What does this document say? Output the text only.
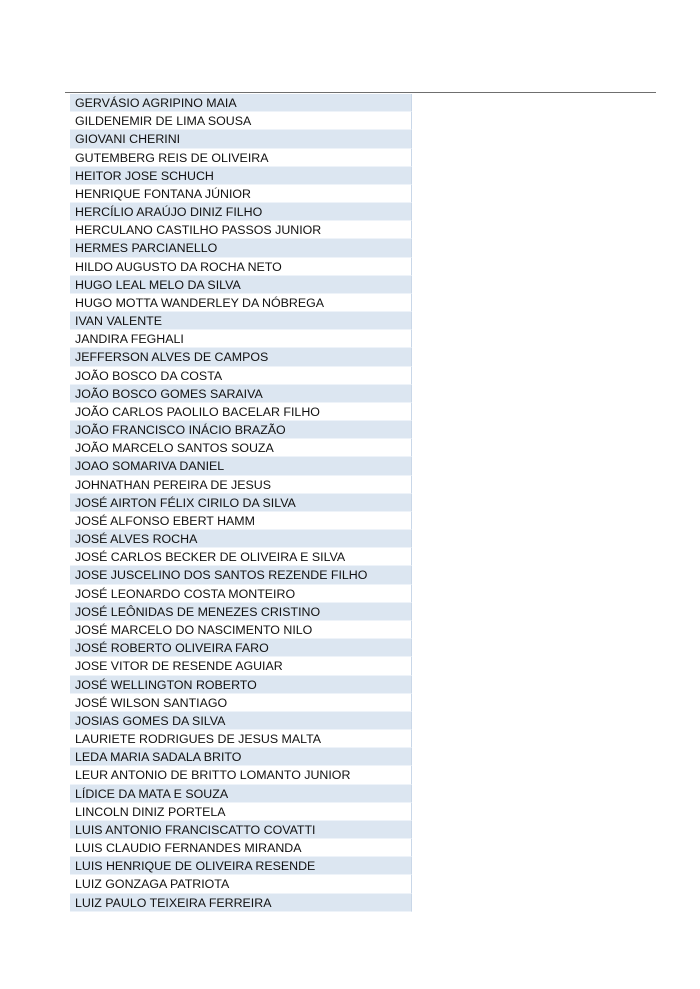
GERVÁSIO AGRIPINO MAIA
GILDENEMIR DE LIMA SOUSA
GIOVANI CHERINI
GUTEMBERG REIS DE OLIVEIRA
HEITOR JOSE SCHUCH
HENRIQUE FONTANA JÚNIOR
HERCÍLIO ARAÚJO DINIZ FILHO
HERCULANO CASTILHO PASSOS JUNIOR
HERMES PARCIANELLO
HILDO AUGUSTO DA ROCHA NETO
HUGO LEAL MELO DA SILVA
HUGO MOTTA WANDERLEY DA NÓBREGA
IVAN VALENTE
JANDIRA FEGHALI
JEFFERSON ALVES DE CAMPOS
JOÃO BOSCO DA COSTA
JOÃO BOSCO GOMES SARAIVA
JOÃO CARLOS PAOLILO BACELAR FILHO
JOÃO FRANCISCO INÁCIO BRAZÃO
JOÃO MARCELO SANTOS SOUZA
JOAO SOMARIVA DANIEL
JOHNATHAN PEREIRA DE JESUS
JOSÉ AIRTON FÉLIX CIRILO DA SILVA
JOSÉ ALFONSO EBERT HAMM
JOSÉ ALVES ROCHA
JOSÉ CARLOS BECKER DE OLIVEIRA E SILVA
JOSE JUSCELINO DOS SANTOS REZENDE FILHO
JOSÉ LEONARDO COSTA MONTEIRO
JOSÉ LEÔNIDAS DE MENEZES CRISTINO
JOSÉ MARCELO DO NASCIMENTO NILO
JOSÉ ROBERTO OLIVEIRA FARO
JOSE VITOR DE RESENDE AGUIAR
JOSÉ WELLINGTON ROBERTO
JOSÉ WILSON SANTIAGO
JOSIAS GOMES DA SILVA
LAURIETE RODRIGUES DE JESUS MALTA
LEDA MARIA SADALA BRITO
LEUR ANTONIO DE BRITTO LOMANTO JUNIOR
LÍDICE DA MATA E SOUZA
LINCOLN DINIZ PORTELA
LUIS ANTONIO FRANCISCATTO COVATTI
LUIS CLAUDIO FERNANDES MIRANDA
LUIS HENRIQUE DE OLIVEIRA RESENDE
LUIZ GONZAGA PATRIOTA
LUIZ PAULO TEIXEIRA FERREIRA
